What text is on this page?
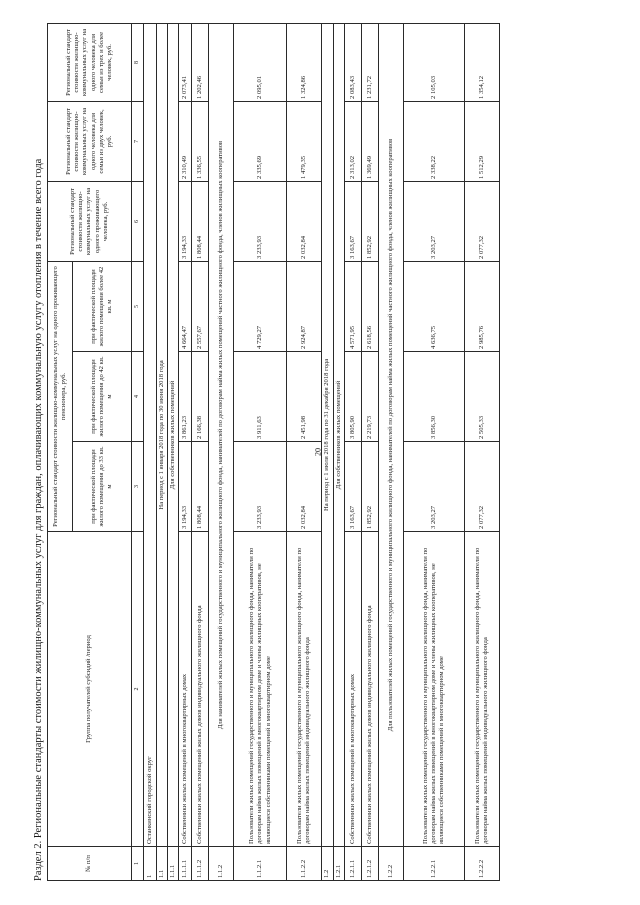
20
Раздел 2. Региональные стандарты стоимости жилищно-коммунальных услуг для граждан, оплачивающих коммунальную услугу отопления в течение всего года	№ п/п	Группа получателей субсидий /период	Региональный стандарт стоимости жилищно-коммунальных услуг на одного проживающего пенсионера, руб.			Региональный стандарт стоимости жилищно-коммунальных услуг на одного проживающего человека, руб.	Региональный стандарт стоимости жилищно-коммунальных услуг на одного человека для семьи из двух человек, руб.	Региональный стандарт стоимости жилищно-коммунальных услуг на одного человека для семьи из трех и более человек, руб.
		при фактической площади жилого помещения до 33 кв. м	при фактической площади жилого помещения до 42 кв. м	при фактической площади жилого помещения более 42 кв. м			
1	2	3	4	5	6	7	8
1	Останкинский городской округ						
1.1	На период с 1 января 2018 года по 30 июня 2018 года						
1.1.1	Для собственников жилых помещений						
1.1.1.1	Собственники жилых помещений в многоквартирных домах	3 194,33	3 861,23	4 664,47	3 194,33	2 310,49	2 073,41
1.1.1.2	Собственники жилых помещений жилых домов индивидуального жилищного фонда	1 808,44	2 166,38	2 557,67	1 808,44	1 336,55	1 202,46
1.1.2	Для нанимателей жилых помещений государственного и муниципального жилищного фонда, нанимателей по договорам найма жилых помещений частного жилищного фонда, членов жилищных кооперативов						
1.1.2.1	Пользователи жилых помещений государственного и муниципального жилищного фонда, наниматели по договорам найма жилых помещений в многоквартирном доме и члены жилищных кооперативов, не являющиеся собственниками помещений в многоквартирном доме	3 233,93	3 911,63	4 729,27	3 233,93	2 335,69	2 095,01
1.1.2.2	Пользователи жилых помещений государственного и муниципального жилищного фонда, наниматели по договорам найма жилых помещений индивидуального жилищного фонда	2 032,84	2 451,98	2 924,87	2 032,84	1 479,35	1 324,86
1.2	На период с 1 июля 2018 года по 31 декабря 2018 года						
1.2.1	Для собственников жилых помещений						
1.2.1.1	Собственники жилых помещений в многоквартирных домах	3 163,67	3 805,90	4 571,95	3 163,67	2 313,02	2 083,43
1.2.1.2	Собственники жилых помещений жилых домов индивидуального жилищного фонда	1 852,92	2 219,73	2 618,56	1 852,92	1 369,49	1 231,72
1.2.2	Для пользователей жилых помещений государственного и муниципального жилищного фонда, нанимателей по договорам найма жилых помещений частного жилищного фонда, членов жилищных кооперативов						
1.2.2.1	Пользователи жилых помещений государственного и муниципального жилищного фонда, наниматели по договорам найма жилых помещений в многоквартирном доме и члены жилищных кооперативов, не являющиеся собственниками помещений в многоквартирном доме	3 203,27	3 856,30	4 636,75	3 203,27	2 338,22	2 105,03
1.2.2.2	Пользователи жилых помещений государственного и муниципального жилищного фонда, наниматели по договорам найма жилых помещений индивидуального жилищного фонда	2 077,32	2 505,33	2 985,76	2 077,32	1 512,29	1 354,12
